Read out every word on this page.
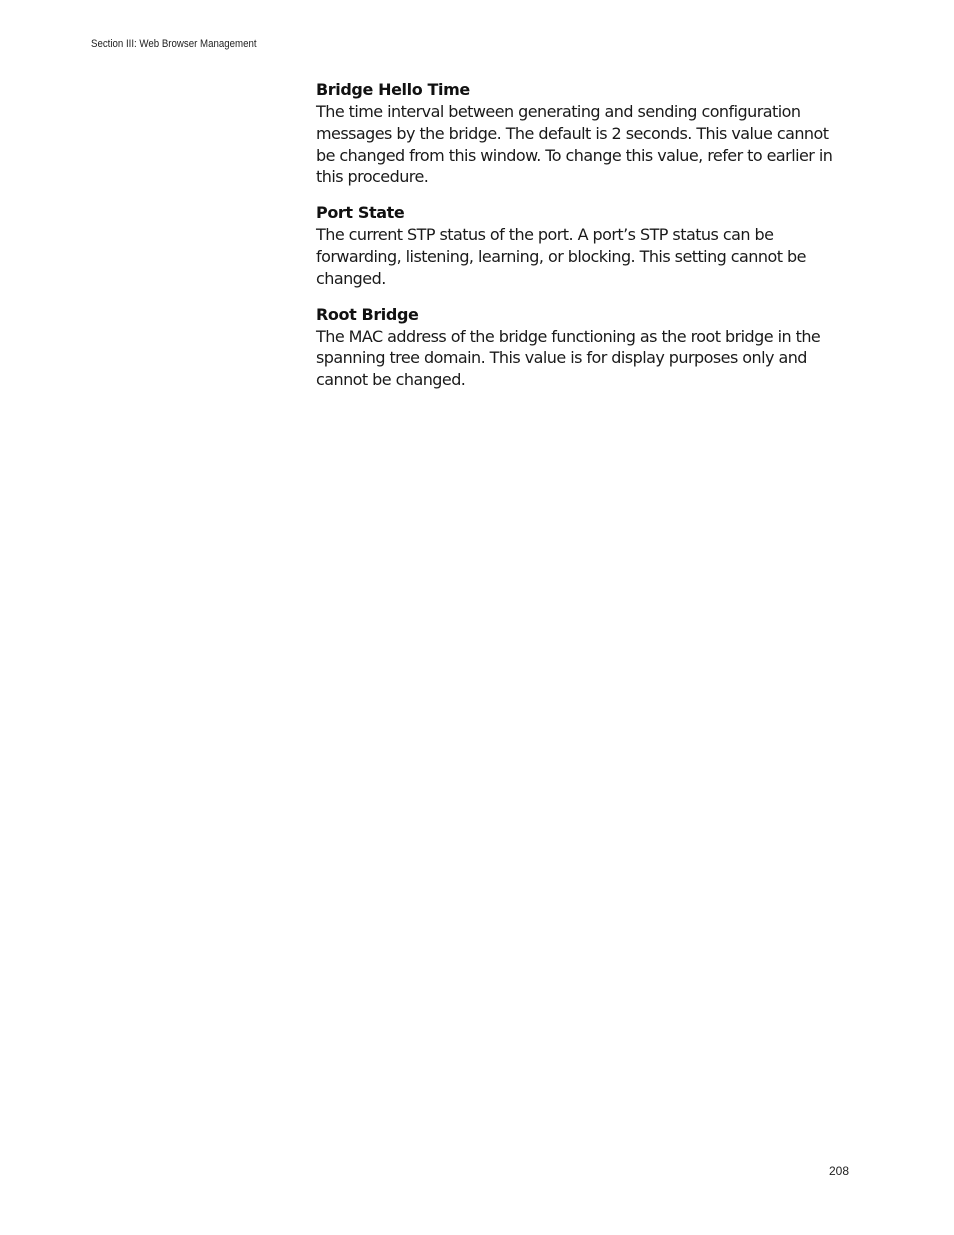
Section III: Web Browser Management
Bridge Hello Time

The time interval between generating and sending configuration messages by the bridge. The default is 2 seconds. This value cannot be changed from this window. To change this value, refer to earlier in this procedure.

Port State

The current STP status of the port. A port’s STP status can be forwarding, listening, learning, or blocking. This setting cannot be changed.

Root Bridge

The MAC address of the bridge functioning as the root bridge in the spanning tree domain. This value is for display purposes only and cannot be changed.

208
